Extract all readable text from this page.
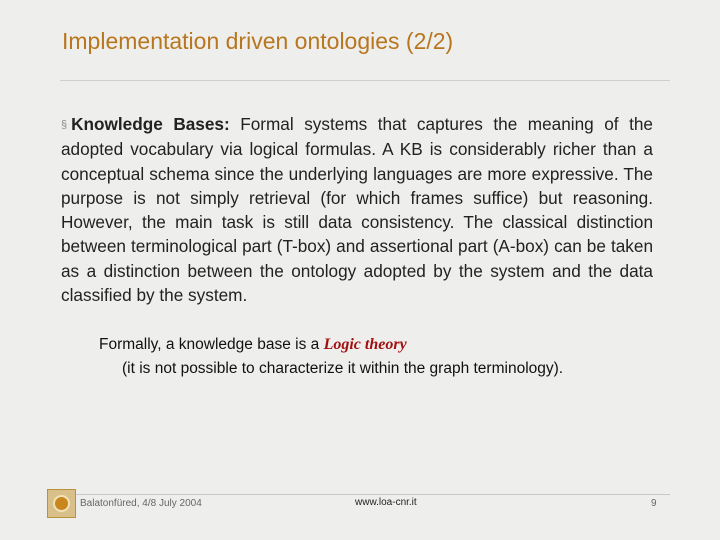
Implementation driven ontologies (2/2)
§ Knowledge Bases: Formal systems that captures the meaning of the adopted vocabulary via logical formulas. A KB is considerably richer than a conceptual schema since the underlying languages are more expressive. The purpose is not simply retrieval (for which frames suffice) but reasoning. However, the main task is still data consistency. The classical distinction between terminological part (T-box) and assertional part (A-box) can be taken as a distinction between the ontology adopted by the system and the data classified by the system.
Formally, a knowledge base is a Logic theory
(it is not possible to characterize it within the graph terminology).
Balatonfüred, 4/8 July 2004	www.loa-cnr.it	9
